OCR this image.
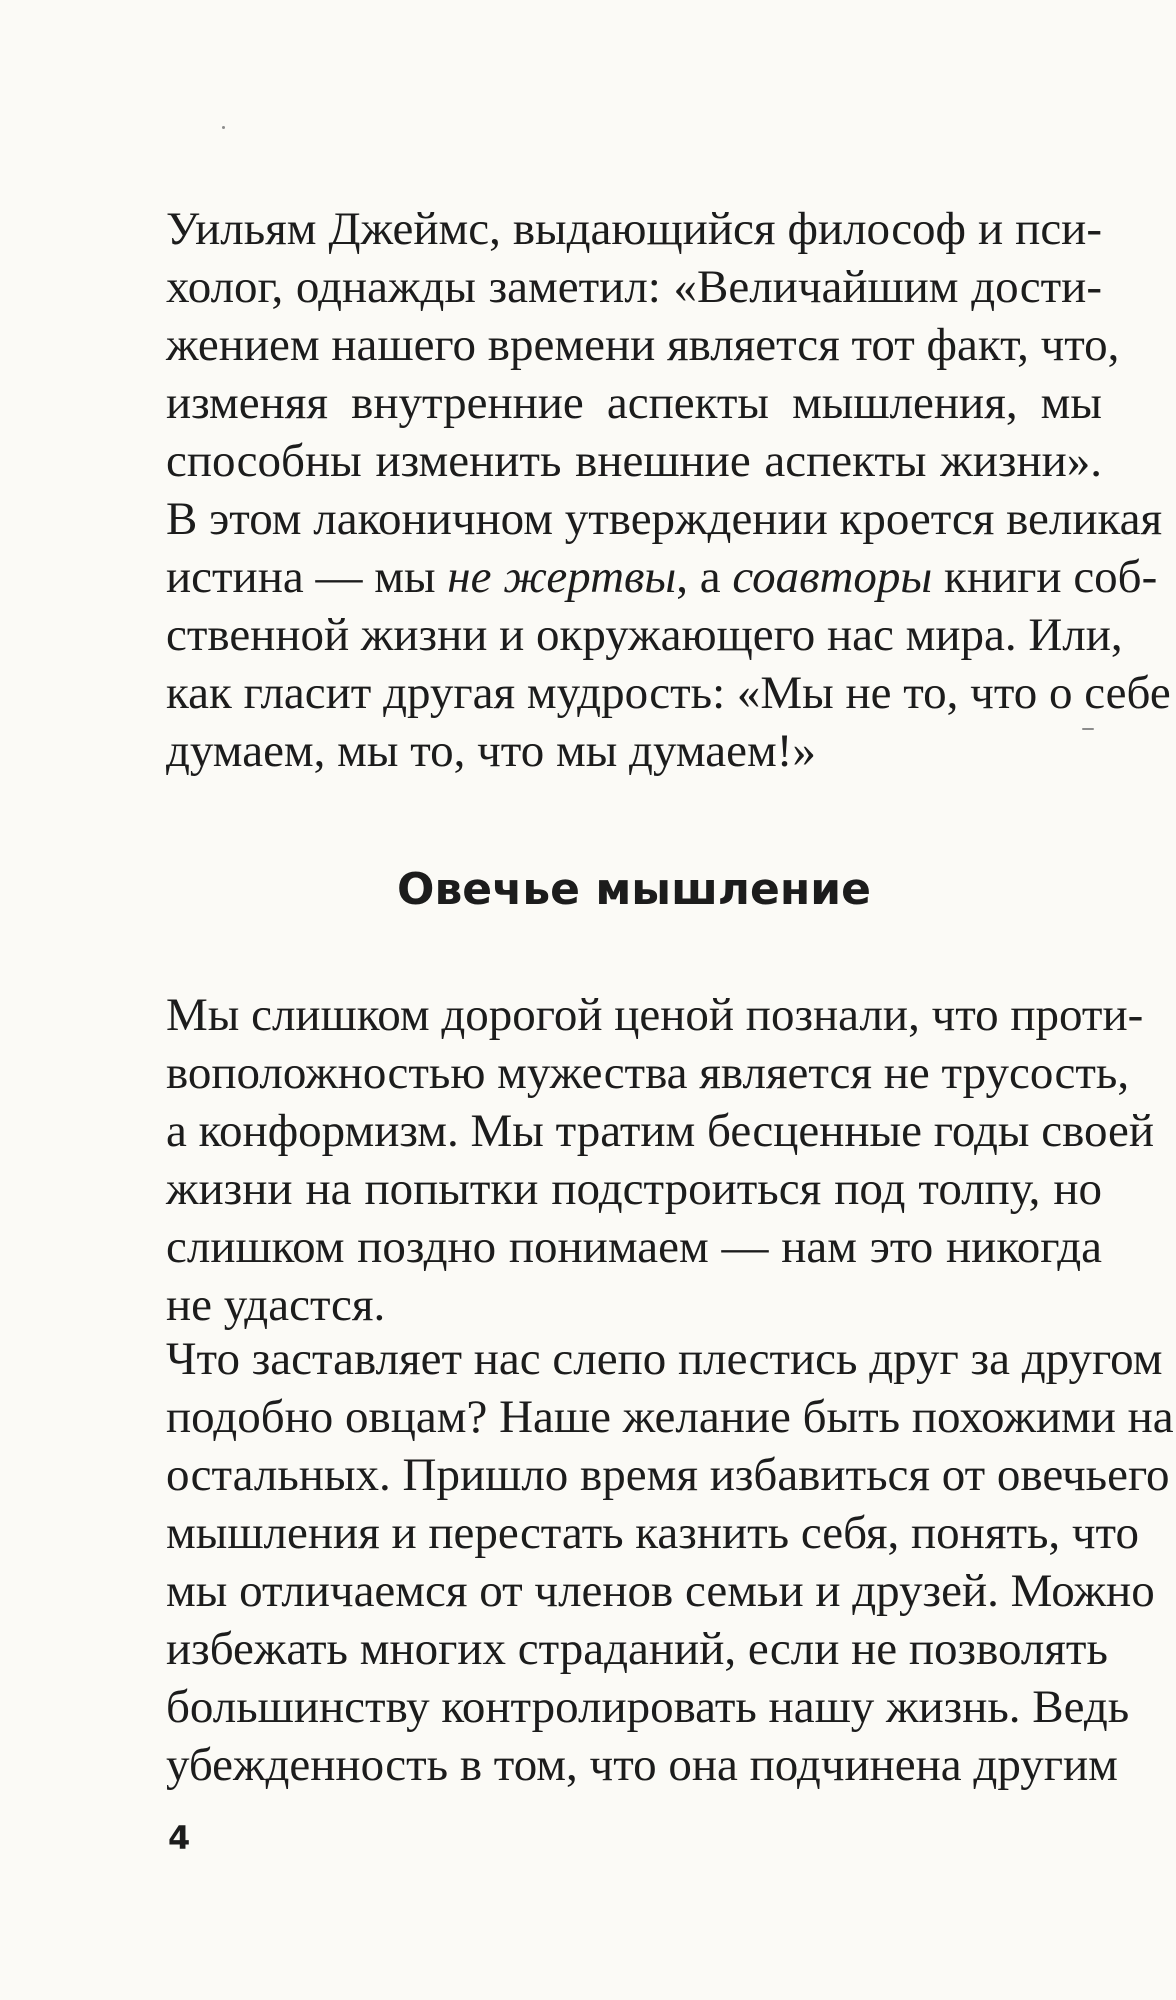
Уильям Джеймс, выдающийся философ и пси-
холог, однажды заметил: «Величайшим дости-
жением нашего времени является тот факт, что,
изменяя внутренние аспекты мышления, мы
способны изменить внешние аспекты жизни».
В этом лаконичном утверждении кроется великая
истина — мы не жертвы, а соавторы книги соб-
ственной жизни и окружающего нас мира. Или,
как гласит другая мудрость: «Мы не то, что о себе
думаем, мы то, что мы думаем!»
Овечье мышление
Мы слишком дорогой ценой познали, что проти-
воположностью мужества является не трусость,
а конформизм. Мы тратим бесценные годы своей
жизни на попытки подстроиться под толпу, но
слишком поздно понимаем — нам это никогда
не удастся.
Что заставляет нас слепо плестись друг за другом
подобно овцам? Наше желание быть похожими на
остальных. Пришло время избавиться от овечьего
мышления и перестать казнить себя, понять, что
мы отличаемся от членов семьи и друзей. Можно
избежать многих страданий, если не позволять
большинству контролировать нашу жизнь. Ведь
убежденность в том, что она подчинена другим
4
